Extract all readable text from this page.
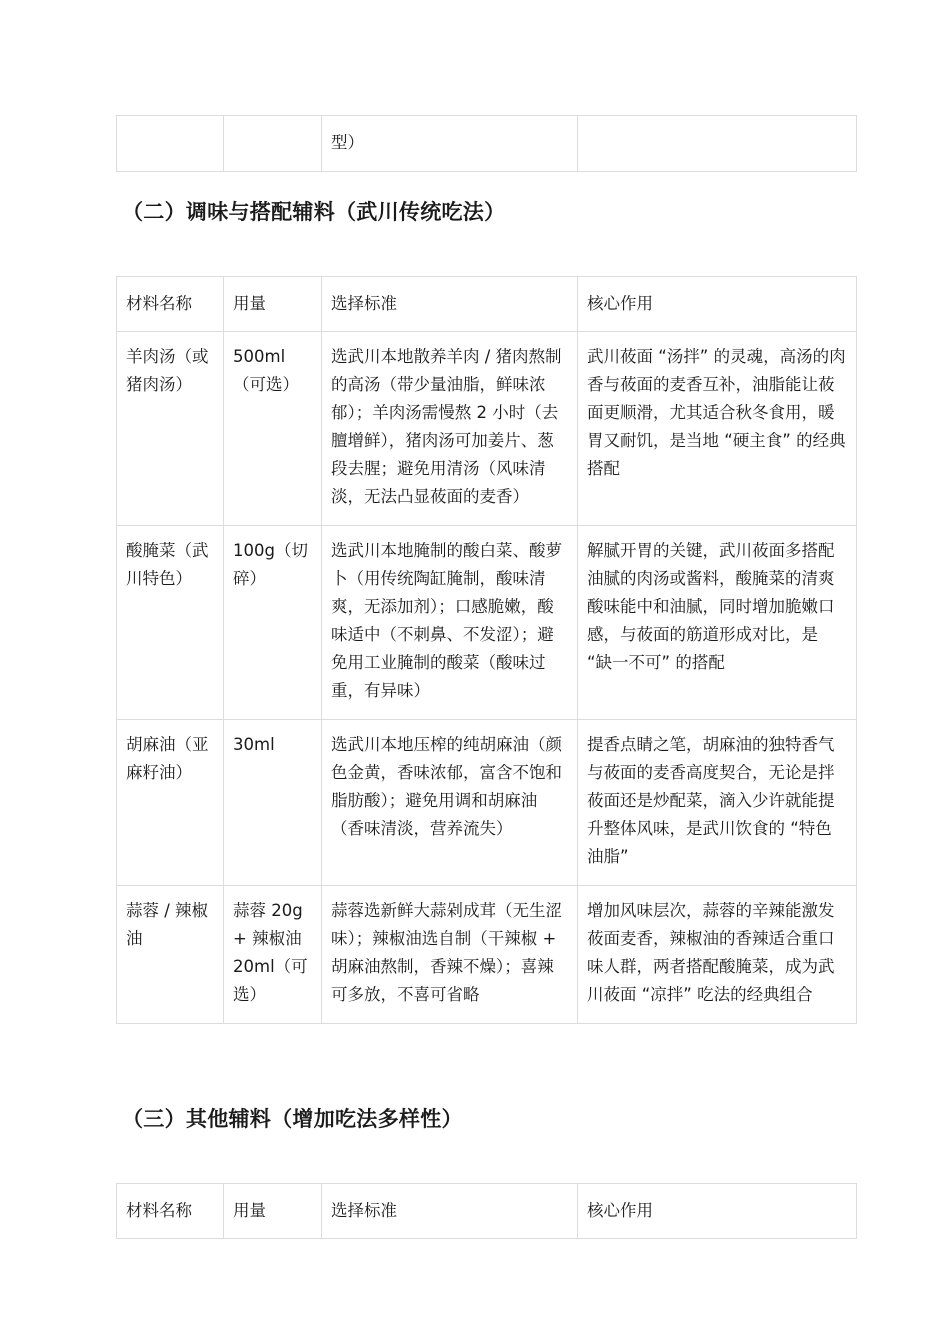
		型）	
（二）调味与搭配辅料（武川传统吃法）
材料名称	用量	选择标准	核心作用
羊肉汤（或猪肉汤）	500ml（可选）	选武川本地散养羊肉 / 猪肉熬制的高汤（带少量油脂，鲜味浓郁）；羊肉汤需慢熬 2 小时（去膻增鲜），猪肉汤可加姜片、葱段去腥；避免用清汤（风味清淡，无法凸显莜面的麦香）	武川莜面 “汤拌” 的灵魂，高汤的肉香与莜面的麦香互补，油脂能让莜面更顺滑，尤其适合秋冬食用，暖胃又耐饥，是当地 “硬主食” 的经典搭配
酸腌菜（武川特色）	100g（切碎）	选武川本地腌制的酸白菜、酸萝卜（用传统陶缸腌制，酸味清爽，无添加剂）；口感脆嫩，酸味适中（不刺鼻、不发涩）；避免用工业腌制的酸菜（酸味过重，有异味）	解腻开胃的关键，武川莜面多搭配油腻的肉汤或酱料，酸腌菜的清爽酸味能中和油腻，同时增加脆嫩口感，与莜面的筋道形成对比，是 “缺一不可” 的搭配
胡麻油（亚麻籽油）	30ml	选武川本地压榨的纯胡麻油（颜色金黄，香味浓郁，富含不饱和脂肪酸）；避免用调和胡麻油（香味清淡，营养流失）	提香点睛之笔，胡麻油的独特香气与莜面的麦香高度契合，无论是拌莜面还是炒配菜，滴入少许就能提升整体风味，是武川饮食的 “特色油脂”
蒜蓉 / 辣椒油	蒜蓉 20g + 辣椒油 20ml（可选）	蒜蓉选新鲜大蒜剁成茸（无生涩味）；辣椒油选自制（干辣椒 + 胡麻油熬制，香辣不燥）；喜辣可多放，不喜可省略	增加风味层次，蒜蓉的辛辣能激发莜面麦香，辣椒油的香辣适合重口味人群，两者搭配酸腌菜，成为武川莜面 “凉拌” 吃法的经典组合
（三）其他辅料（增加吃法多样性）
材料名称	用量	选择标准	核心作用
